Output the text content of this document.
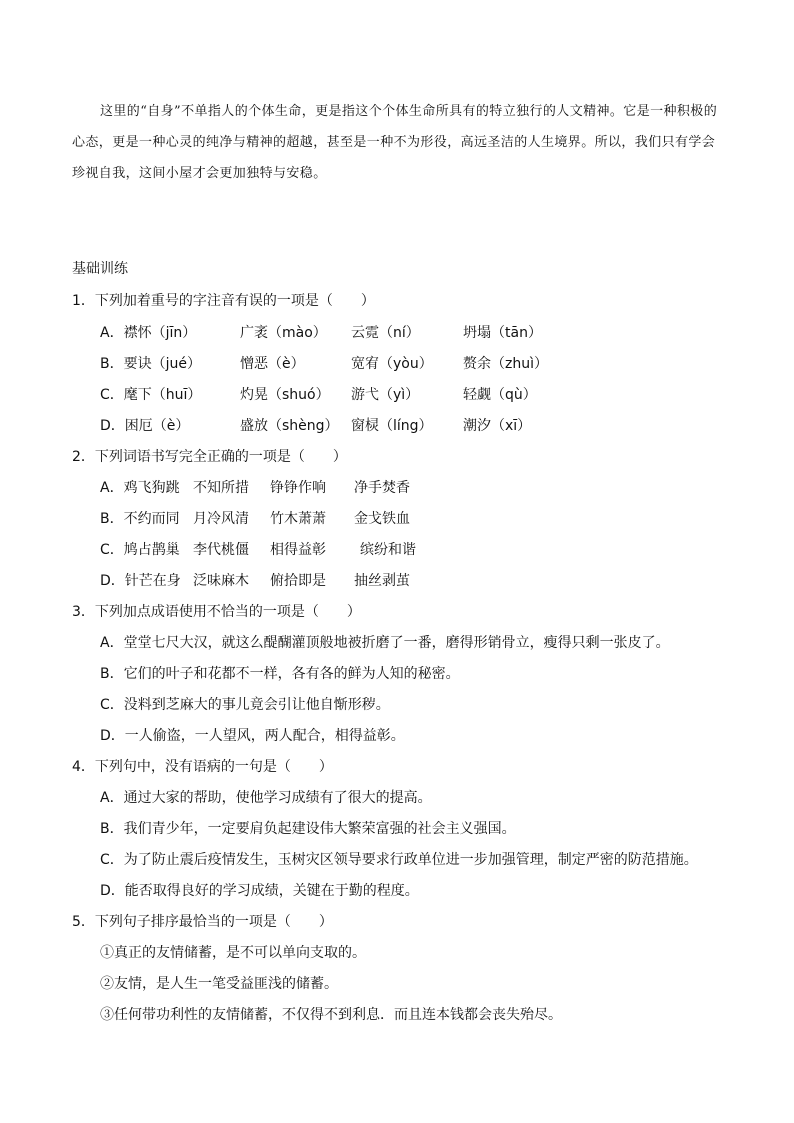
这里的“自身”不单指人的个体生命，更是指这个个体生命所具有的特立独行的人文精神。它是一种积极的心态，更是一种心灵的纯净与精神的超越，甚至是一种不为形役，高远圣洁的人生境界。所以，我们只有学会珍视自我，这间小屋才会更加独特与安稳。

基础训练

1．下列加着重号的字注音有误的一项是（　　）

A．襟怀（jīn）	广袤（mào） 云霓（ní）	坍塌（tān）
B．要诀（jué）	憎恶（è）	宽宥（yòu） 赘余（zhuì）
C．麾下（huī）	灼晃（shuó） 游弋（yì）	轻觑（qù）
D．困厄（è）	盛放（shèng） 窗棂（líng） 潮汐（xī）

2．下列词语书写完全正确的一项是（　　）

A．鸡飞狗跳 不知所措 铮铮作响 净手焚香
B．不约而同 月冷风清 竹木萧萧 金戈铁血
C．鸠占鹊巢 李代桃僵 相得益彰 缤纷和谐
D．针芒在身 泛味麻木 俯拾即是 抽丝剥茧

3．下列加点成语使用不恰当的一项是（　　）

A．堂堂七尺大汉，就这么醍醐灌顶般地被折磨了一番，磨得形销骨立，瘦得只剩一张皮了。

B．它们的叶子和花都不一样，各有各的鲜为人知的秘密。

C．没料到芝麻大的事儿竟会引让他自惭形秽。

D．一人偷盗，一人望风，两人配合，相得益彰。

4．下列句中，没有语病的一句是（　　）

A．通过大家的帮助，使他学习成绩有了很大的提高。

B．我们青少年，一定要肩负起建设伟大繁荣富强的社会主义强国。

C．为了防止震后疫情发生，玉树灾区领导要求行政单位进一步加强管理，制定严密的防范措施。

D．能否取得良好的学习成绩，关键在于勤的程度。

5．下列句子排序最恰当的一项是（　　）

①真正的友情储蓄，是不可以单向支取的。

②友情，是人生一笔受益匪浅的储蓄。

③任何带功利性的友情储蓄，不仅得不到利息．而且连本钱都会丧失殆尽。
